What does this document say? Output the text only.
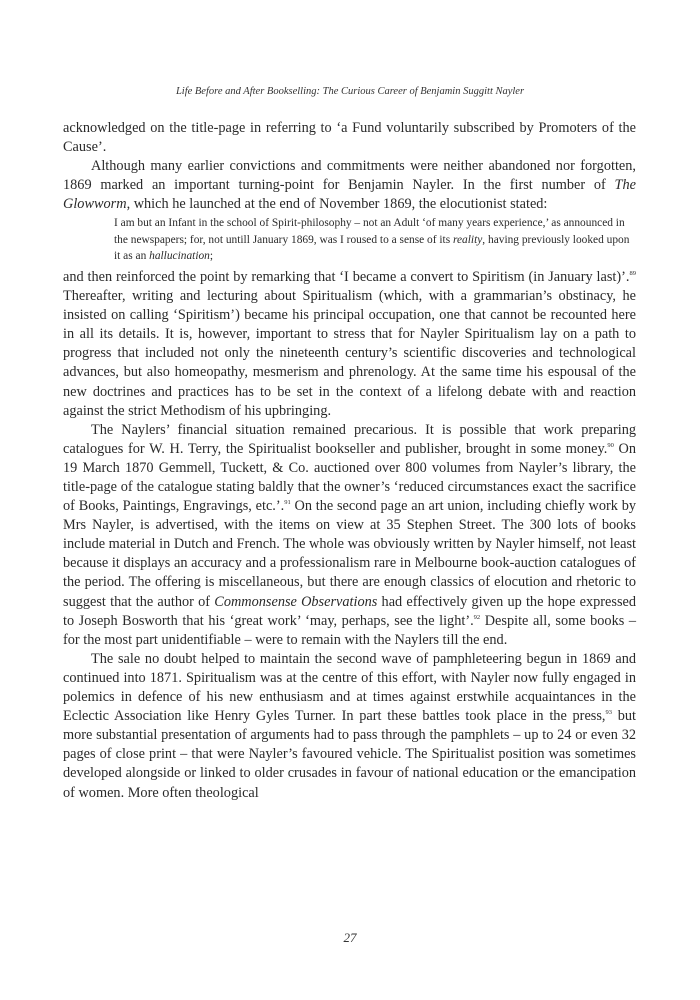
Life Before and After Bookselling: The Curious Career of Benjamin Suggitt Nayler

acknowledged on the title-page in referring to ‘a Fund voluntarily subscribed by Promoters of the Cause’.

Although many earlier convictions and commitments were neither abandoned nor forgotten, 1869 marked an important turning-point for Benjamin Nayler. In the first number of The Glowworm, which he launched at the end of November 1869, the elocutionist stated:

I am but an Infant in the school of Spirit-philosophy – not an Adult ‘of many years experience,’ as announced in the newspapers; for, not untill January 1869, was I roused to a sense of its reality, having previously looked upon it as an hallucination;

and then reinforced the point by remarking that ‘I became a convert to Spiritism (in January last)’.$^{89}$ Thereafter, writing and lecturing about Spiritualism (which, with a grammarian’s obstinacy, he insisted on calling ‘Spiritism’) became his principal occupation, one that cannot be recounted here in all its details. It is, however, important to stress that for Nayler Spiritualism lay on a path to progress that included not only the nineteenth century’s scientific discoveries and technological advances, but also homeopathy, mesmerism and phrenology. At the same time his espousal of the new doctrines and practices has to be set in the context of a lifelong debate with and reaction against the strict Methodism of his upbringing.

The Naylers’ financial situation remained precarious. It is possible that work preparing catalogues for W. H. Terry, the Spiritualist bookseller and publisher, brought in some money.$^{90}$ On 19 March 1870 Gemmell, Tuckett, & Co. auctioned over 800 volumes from Nayler’s library, the title-page of the catalogue stating baldly that the owner’s ‘reduced circumstances exact the sacrifice of Books, Paintings, Engravings, etc.’.$^{91}$ On the second page an art union, including chiefly work by Mrs Nayler, is advertised, with the items on view at 35 Stephen Street. The 300 lots of books include material in Dutch and French. The whole was obviously written by Nayler himself, not least because it displays an accuracy and a professionalism rare in Melbourne book-auction catalogues of the period. The offering is miscellaneous, but there are enough classics of elocution and rhetoric to suggest that the author of Commonsense Observations had effectively given up the hope expressed to Joseph Bosworth that his ‘great work’ ‘may, perhaps, see the light’.$^{92}$ Despite all, some books – for the most part unidentifiable – were to remain with the Naylers till the end.

The sale no doubt helped to maintain the second wave of pamphleteering begun in 1869 and continued into 1871. Spiritualism was at the centre of this effort, with Nayler now fully engaged in polemics in defence of his new enthusiasm and at times against erstwhile acquaintances in the Eclectic Association like Henry Gyles Turner. In part these battles took place in the press,$^{93}$ but more substantial presentation of arguments had to pass through the pamphlets – up to 24 or even 32 pages of close print – that were Nayler’s favoured vehicle. The Spiritualist position was sometimes developed alongside or linked to older crusades in favour of national education or the emancipation of women. More often theological

27
